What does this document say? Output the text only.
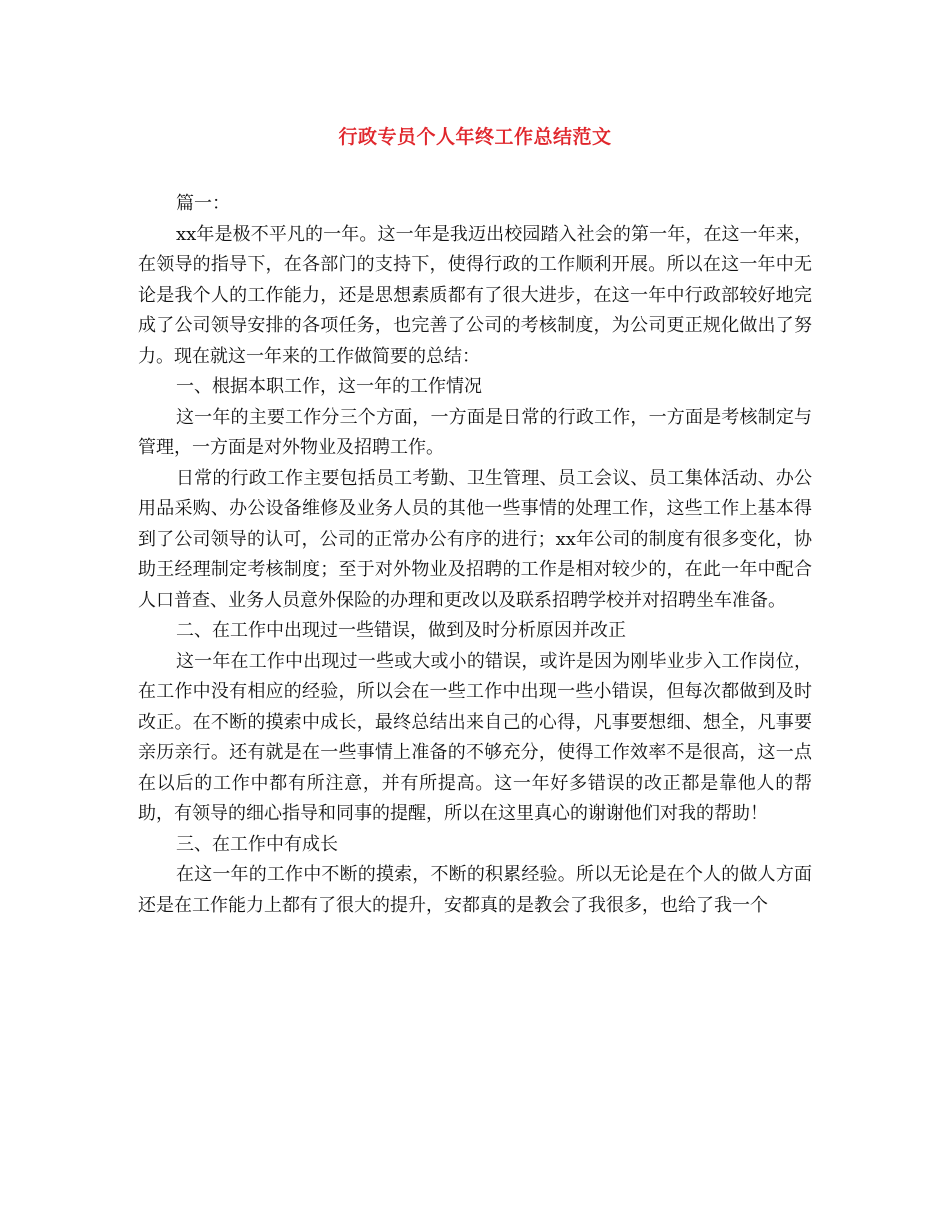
行政专员个人年终工作总结范文

篇一：

xx年是极不平凡的一年。这一年是我迈出校园踏入社会的第一年，在这一年来，在领导的指导下，在各部门的支持下，使得行政的工作顺利开展。所以在这一年中无论是我个人的工作能力，还是思想素质都有了很大进步，在这一年中行政部较好地完成了公司领导安排的各项任务，也完善了公司的考核制度，为公司更正规化做出了努力。现在就这一年来的工作做简要的总结：

一、根据本职工作，这一年的工作情况

这一年的主要工作分三个方面，一方面是日常的行政工作，一方面是考核制定与管理，一方面是对外物业及招聘工作。

日常的行政工作主要包括员工考勤、卫生管理、员工会议、员工集体活动、办公用品采购、办公设备维修及业务人员的其他一些事情的处理工作，这些工作上基本得到了公司领导的认可，公司的正常办公有序的进行；xx年公司的制度有很多变化，协助王经理制定考核制度；至于对外物业及招聘的工作是相对较少的，在此一年中配合人口普查、业务人员意外保险的办理和更改以及联系招聘学校并对招聘坐车准备。

二、在工作中出现过一些错误，做到及时分析原因并改正

这一年在工作中出现过一些或大或小的错误，或许是因为刚毕业步入工作岗位，在工作中没有相应的经验，所以会在一些工作中出现一些小错误，但每次都做到及时改正。在不断的摸索中成长，最终总结出来自己的心得，凡事要想细、想全，凡事要亲历亲行。还有就是在一些事情上准备的不够充分，使得工作效率不是很高，这一点在以后的工作中都有所注意，并有所提高。这一年好多错误的改正都是靠他人的帮助，有领导的细心指导和同事的提醒，所以在这里真心的谢谢他们对我的帮助！

三、在工作中有成长

在这一年的工作中不断的摸索，不断的积累经验。所以无论是在个人的做人方面还是在工作能力上都有了很大的提升，安都真的是教会了我很多，也给了我一个
